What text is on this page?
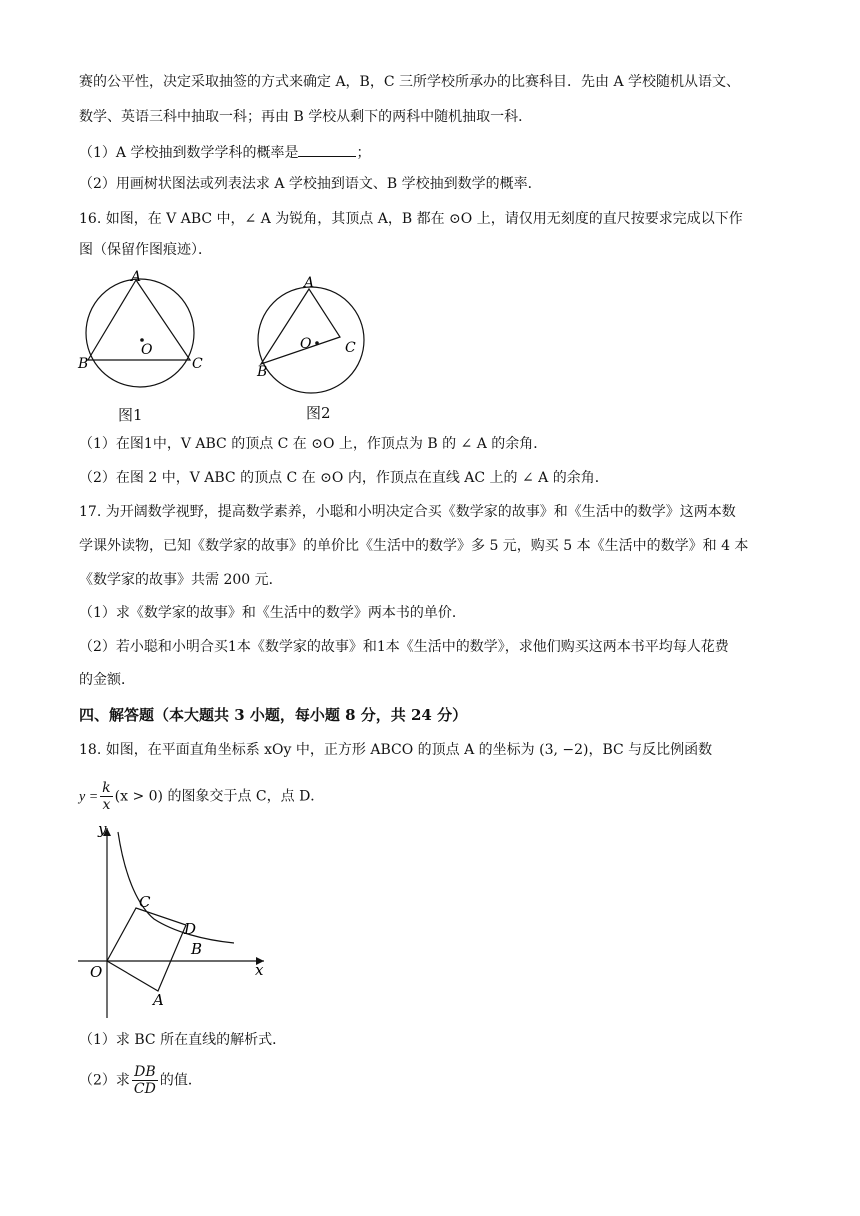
赛的公平性，决定采取抽签的方式来确定 A，B，C 三所学校所承办的比赛科目．先由 A 学校随机从语文、
数学、英语三科中抽取一科；再由 B 学校从剩下的两科中随机抽取一科．
（1）A 学校抽到数学学科的概率是	；
（2）用画树状图法或列表法求 A 学校抽到语文、B 学校抽到数学的概率．
16. 如图，在 V ABC 中，∠ A 为锐角，其顶点 A，B 都在 ⊙O 上，请仅用无刻度的直尺按要求完成以下作
图（保留作图痕迹）．
A
B	C
O
图1
A
B
C
O
图2
（1）在图1中，V ABC 的顶点 C 在 ⊙O 上，作顶点为 B 的 ∠ A 的余角．
（2）在图 2 中，V ABC 的顶点 C 在 ⊙O 内，作顶点在直线 AC 上的 ∠ A 的余角．
17. 为开阔数学视野，提高数学素养，小聪和小明决定合买《数学家的故事》和《生活中的数学》这两本数
学课外读物，已知《数学家的故事》的单价比《生活中的数学》多 5 元，购买 5 本《生活中的数学》和 4 本
《数学家的故事》共需 200 元．
（1）求《数学家的故事》和《生活中的数学》两本书的单价．
（2）若小聪和小明合买1本《数学家的故事》和1本《生活中的数学》，求他们购买这两本书平均每人花费
的金额．
四、解答题（本大题共 3 小题，每小题 8 分，共 24 分）
18. 如图，在平面直角坐标系 xOy 中，正方形 ABCO 的顶点 A 的坐标为 (3, −2)，BC 与反比例函数
$y = \frac{k}{x} (x > 0)$ 的图象交于点 C，点 D．
y
x
O
A
B
C
D
（1）求 BC 所在直线的解析式．
（2）求 $\frac{DB}{CD}$ 的值．
